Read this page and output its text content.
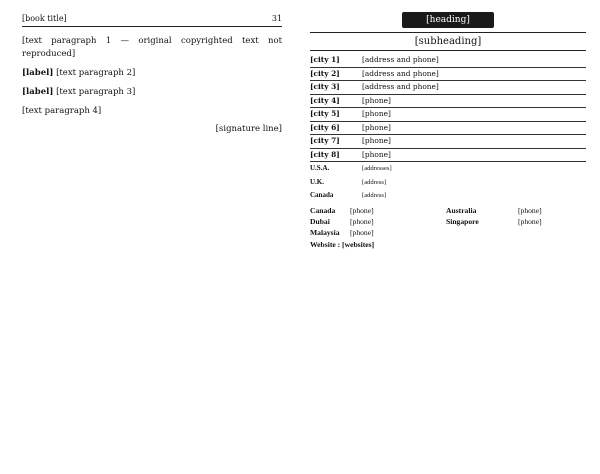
[book title]	31

[text paragraph 1 — original copyrighted text not reproduced]

[label] [text paragraph 2]

[label] [text paragraph 3]

[text paragraph 4]

[signature line]
[heading]
[subheading]
[city 1]	[address and phone]
[city 2]	[address and phone]
[city 3]	[address and phone]
[city 4]	[phone]
[city 5]	[phone]
[city 6]	[phone]
[city 7]	[phone]
[city 8]	[phone]
U.S.A.	[addresses]
U.K.	[address]
Canada	[address]
Canada	[phone]	Australia	[phone]
Dubai	[phone]	Singapore	[phone]
Malaysia	[phone]
Website : [websites]
